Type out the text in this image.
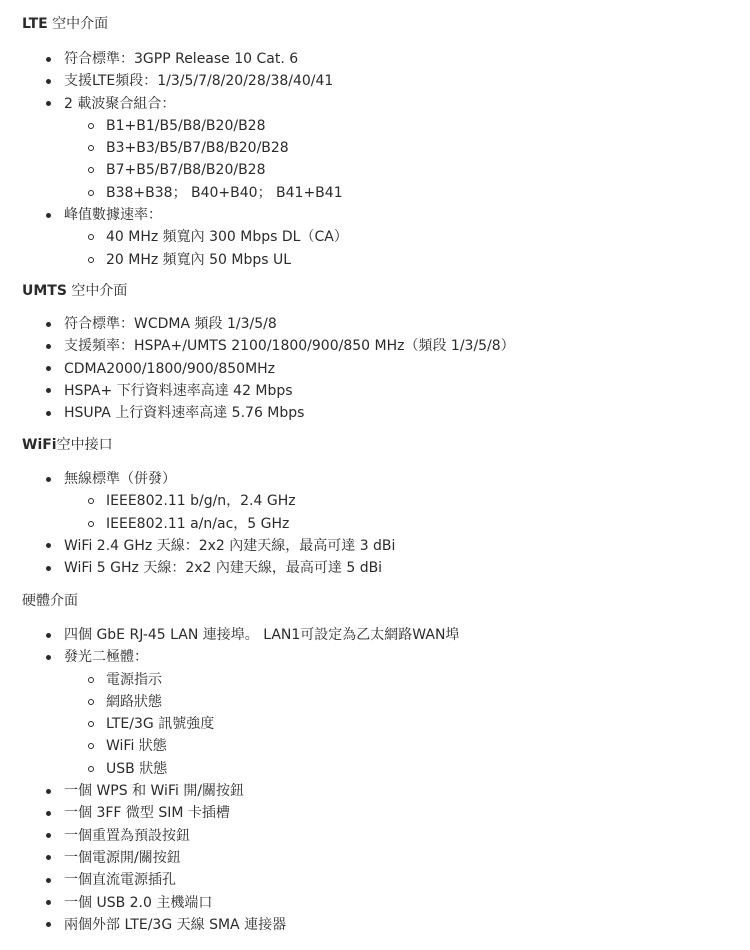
LTE 空中介面
符合標準：3GPP Release 10 Cat. 6
支援LTE頻段：1/3/5/7/8/20/28/38/40/41
2 載波聚合組合：
B1+B1/B5/B8/B20/B28
B3+B3/B5/B7/B8/B20/B28
B7+B5/B7/B8/B20/B28
B38+B38； B40+B40； B41+B41
峰值數據速率：
40 MHz 頻寬內 300 Mbps DL（CA）
20 MHz 頻寬內 50 Mbps UL
UMTS 空中介面
符合標準：WCDMA 頻段 1/3/5/8
支援頻率：HSPA+/UMTS 2100/1800/900/850 MHz（頻段 1/3/5/8）
CDMA2000/1800/900/850MHz
HSPA+ 下行資料速率高達 42 Mbps
HSUPA 上行資料速率高達 5.76 Mbps
WiFi空中接口
無線標準（併發）
IEEE802.11 b/g/n，2.4 GHz
IEEE802.11 a/n/ac，5 GHz
WiFi 2.4 GHz 天線：2x2 內建天線，最高可達 3 dBi
WiFi 5 GHz 天線：2x2 內建天線，最高可達 5 dBi
硬體介面
四個 GbE RJ-45 LAN 連接埠。 LAN1可設定為乙太網路WAN埠
發光二極體：
電源指示
網路狀態
LTE/3G 訊號強度
WiFi 狀態
USB 狀態
一個 WPS 和 WiFi 開/關按鈕
一個 3FF 微型 SIM 卡插槽
一個重置為預設按鈕
一個電源開/關按鈕
一個直流電源插孔
一個 USB 2.0 主機端口
兩個外部 LTE/3G 天線 SMA 連接器
